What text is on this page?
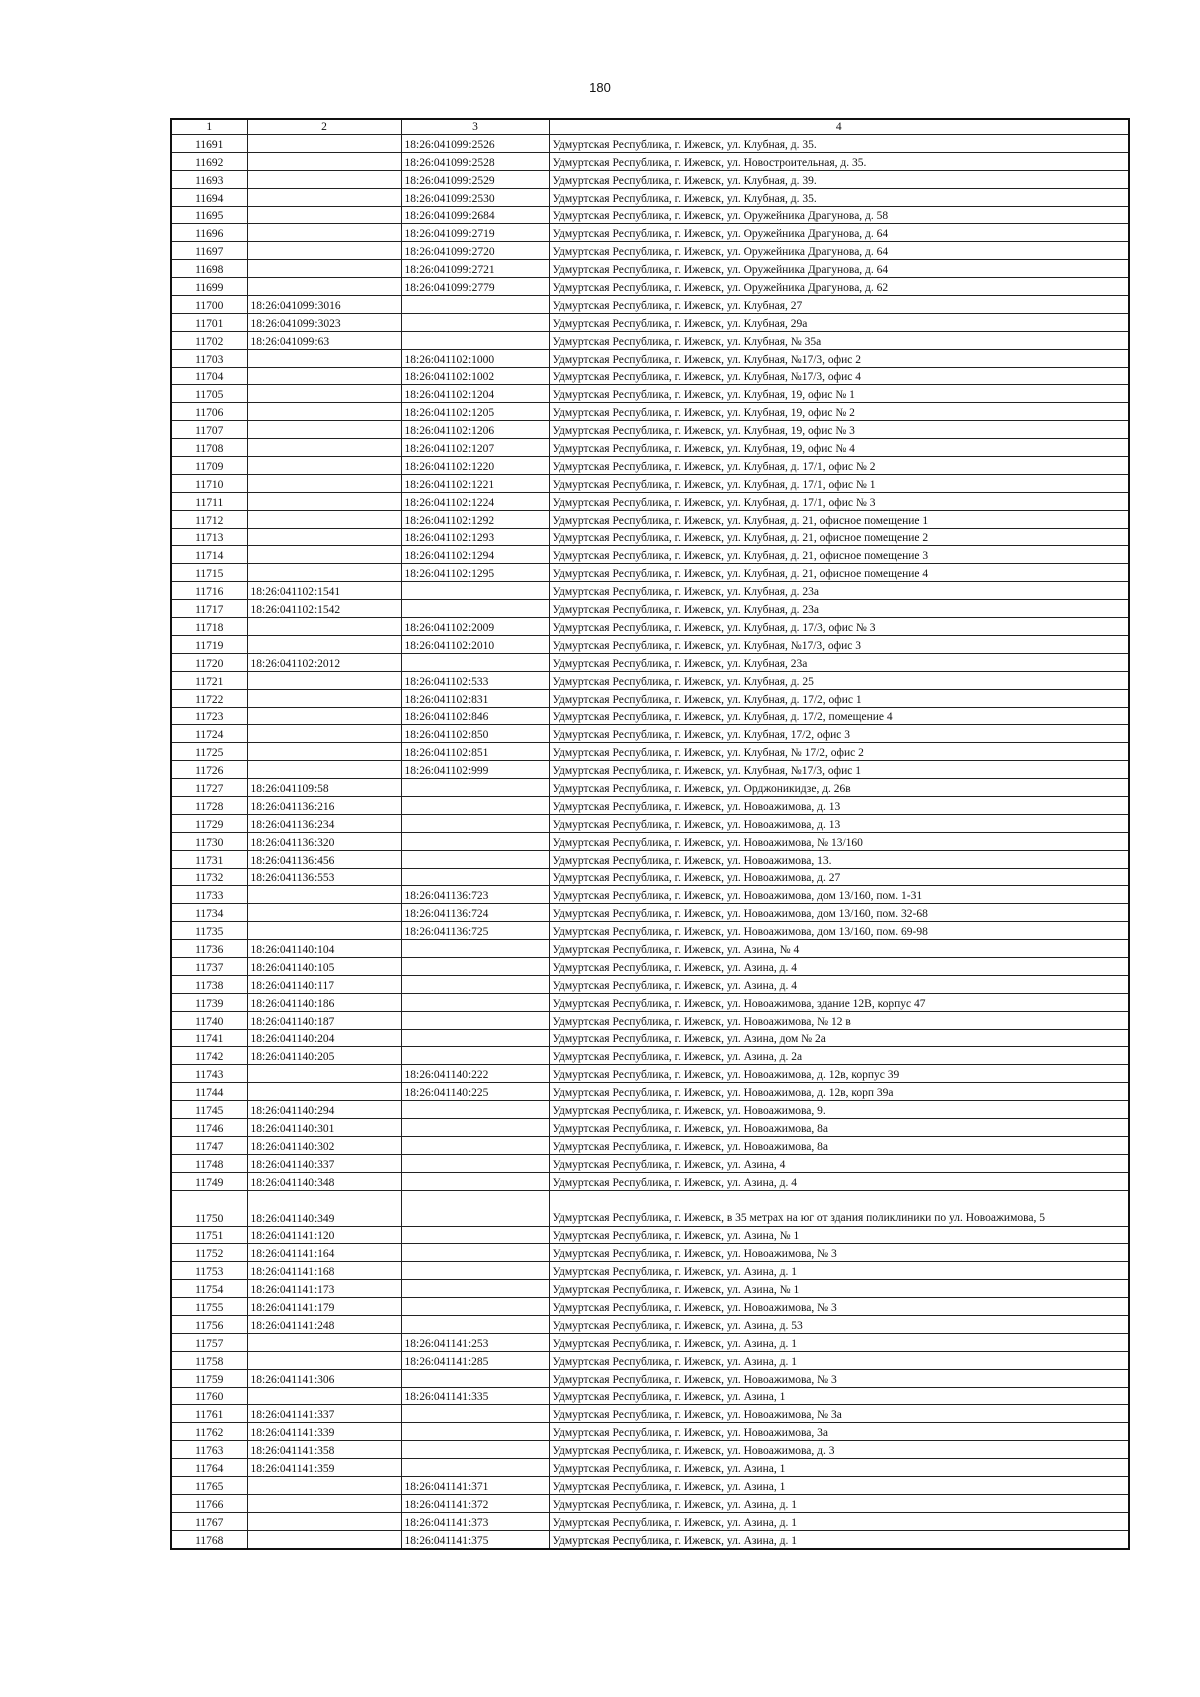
180
1	2	3	4
11691		18:26:041099:2526	Удмуртская Республика, г. Ижевск, ул. Клубная, д. 35.
11692		18:26:041099:2528	Удмуртская Республика, г. Ижевск, ул. Новостроительная, д. 35.
11693		18:26:041099:2529	Удмуртская Республика, г. Ижевск, ул. Клубная, д. 39.
11694		18:26:041099:2530	Удмуртская Республика, г. Ижевск, ул. Клубная, д. 35.
11695		18:26:041099:2684	Удмуртская Республика, г. Ижевск, ул. Оружейника Драгунова, д. 58
11696		18:26:041099:2719	Удмуртская Республика, г. Ижевск, ул. Оружейника Драгунова, д. 64
11697		18:26:041099:2720	Удмуртская Республика, г. Ижевск, ул. Оружейника Драгунова, д. 64
11698		18:26:041099:2721	Удмуртская Республика, г. Ижевск, ул. Оружейника Драгунова, д. 64
11699		18:26:041099:2779	Удмуртская Республика, г. Ижевск, ул. Оружейника Драгунова, д. 62
11700	18:26:041099:3016		Удмуртская Республика, г. Ижевск, ул. Клубная, 27
11701	18:26:041099:3023		Удмуртская Республика, г. Ижевск, ул. Клубная, 29а
11702	18:26:041099:63		Удмуртская Республика, г. Ижевск, ул. Клубная, № 35а
11703		18:26:041102:1000	Удмуртская Республика, г. Ижевск, ул. Клубная, №17/3, офис 2
11704		18:26:041102:1002	Удмуртская Республика, г. Ижевск, ул. Клубная, №17/3, офис 4
11705		18:26:041102:1204	Удмуртская Республика, г. Ижевск, ул. Клубная, 19, офис № 1
11706		18:26:041102:1205	Удмуртская Республика, г. Ижевск, ул. Клубная, 19, офис № 2
11707		18:26:041102:1206	Удмуртская Республика, г. Ижевск, ул. Клубная, 19, офис № 3
11708		18:26:041102:1207	Удмуртская Республика, г. Ижевск, ул. Клубная, 19, офис № 4
11709		18:26:041102:1220	Удмуртская Республика, г. Ижевск, ул. Клубная, д. 17/1, офис № 2
11710		18:26:041102:1221	Удмуртская Республика, г. Ижевск, ул. Клубная, д. 17/1, офис № 1
11711		18:26:041102:1224	Удмуртская Республика, г. Ижевск, ул. Клубная, д. 17/1, офис № 3
11712		18:26:041102:1292	Удмуртская Республика, г. Ижевск, ул. Клубная, д. 21, офисное помещение 1
11713		18:26:041102:1293	Удмуртская Республика, г. Ижевск, ул. Клубная, д. 21, офисное помещение 2
11714		18:26:041102:1294	Удмуртская Республика, г. Ижевск, ул. Клубная, д. 21, офисное помещение 3
11715		18:26:041102:1295	Удмуртская Республика, г. Ижевск, ул. Клубная, д. 21, офисное помещение 4
11716	18:26:041102:1541		Удмуртская Республика, г. Ижевск, ул. Клубная, д. 23а
11717	18:26:041102:1542		Удмуртская Республика, г. Ижевск, ул. Клубная, д. 23а
11718		18:26:041102:2009	Удмуртская Республика, г. Ижевск, ул. Клубная, д. 17/3, офис № 3
11719		18:26:041102:2010	Удмуртская Республика, г. Ижевск, ул. Клубная, №17/3, офис 3
11720	18:26:041102:2012		Удмуртская Республика, г. Ижевск, ул. Клубная, 23а
11721		18:26:041102:533	Удмуртская Республика, г. Ижевск, ул. Клубная, д. 25
11722		18:26:041102:831	Удмуртская Республика, г. Ижевск, ул. Клубная, д. 17/2, офис 1
11723		18:26:041102:846	Удмуртская Республика, г. Ижевск, ул. Клубная, д. 17/2, помещение 4
11724		18:26:041102:850	Удмуртская Республика, г. Ижевск, ул. Клубная, 17/2, офис 3
11725		18:26:041102:851	Удмуртская Республика, г. Ижевск, ул. Клубная, № 17/2, офис 2
11726		18:26:041102:999	Удмуртская Республика, г. Ижевск, ул. Клубная, №17/3, офис 1
11727	18:26:041109:58		Удмуртская Республика, г. Ижевск, ул. Орджоникидзе, д. 26в
11728	18:26:041136:216		Удмуртская Республика, г. Ижевск, ул. Новоажимова, д. 13
11729	18:26:041136:234		Удмуртская Республика, г. Ижевск, ул. Новоажимова, д. 13
11730	18:26:041136:320		Удмуртская Республика, г. Ижевск, ул. Новоажимова, № 13/160
11731	18:26:041136:456		Удмуртская Республика, г. Ижевск, ул. Новоажимова, 13.
11732	18:26:041136:553		Удмуртская Республика, г. Ижевск, ул. Новоажимова, д. 27
11733		18:26:041136:723	Удмуртская Республика, г. Ижевск, ул. Новоажимова, дом 13/160, пом. 1-31
11734		18:26:041136:724	Удмуртская Республика, г. Ижевск, ул. Новоажимова, дом 13/160, пом. 32-68
11735		18:26:041136:725	Удмуртская Республика, г. Ижевск, ул. Новоажимова, дом 13/160, пом. 69-98
11736	18:26:041140:104		Удмуртская Республика, г. Ижевск, ул. Азина, № 4
11737	18:26:041140:105		Удмуртская Республика, г. Ижевск, ул. Азина, д. 4
11738	18:26:041140:117		Удмуртская Республика, г. Ижевск, ул. Азина, д. 4
11739	18:26:041140:186		Удмуртская Республика, г. Ижевск, ул. Новоажимова, здание 12В, корпус 47
11740	18:26:041140:187		Удмуртская Республика, г. Ижевск, ул. Новоажимова, № 12 в
11741	18:26:041140:204		Удмуртская Республика, г. Ижевск, ул. Азина, дом № 2а
11742	18:26:041140:205		Удмуртская Республика, г. Ижевск, ул. Азина, д. 2а
11743		18:26:041140:222	Удмуртская Республика, г. Ижевск, ул. Новоажимова, д. 12в, корпус 39
11744		18:26:041140:225	Удмуртская Республика, г. Ижевск, ул. Новоажимова, д. 12в, корп 39а
11745	18:26:041140:294		Удмуртская Республика, г. Ижевск, ул. Новоажимова, 9.
11746	18:26:041140:301		Удмуртская Республика, г. Ижевск, ул. Новоажимова, 8а
11747	18:26:041140:302		Удмуртская Республика, г. Ижевск, ул. Новоажимова, 8а
11748	18:26:041140:337		Удмуртская Республика, г. Ижевск, ул. Азина, 4
11749	18:26:041140:348		Удмуртская Республика, г. Ижевск, ул. Азина, д. 4
11750	18:26:041140:349		Удмуртская Республика, г. Ижевск, в 35 метрах на юг от здания поликлиники по ул. Новоажимова, 5
11751	18:26:041141:120		Удмуртская Республика, г. Ижевск, ул. Азина, № 1
11752	18:26:041141:164		Удмуртская Республика, г. Ижевск, ул. Новоажимова, № 3
11753	18:26:041141:168		Удмуртская Республика, г. Ижевск, ул. Азина, д. 1
11754	18:26:041141:173		Удмуртская Республика, г. Ижевск, ул. Азина, № 1
11755	18:26:041141:179		Удмуртская Республика, г. Ижевск, ул. Новоажимова, № 3
11756	18:26:041141:248		Удмуртская Республика, г. Ижевск, ул. Азина, д. 53
11757		18:26:041141:253	Удмуртская Республика, г. Ижевск, ул. Азина, д. 1
11758		18:26:041141:285	Удмуртская Республика, г. Ижевск, ул. Азина, д. 1
11759	18:26:041141:306		Удмуртская Республика, г. Ижевск, ул. Новоажимова, № 3
11760		18:26:041141:335	Удмуртская Республика, г. Ижевск, ул. Азина, 1
11761	18:26:041141:337		Удмуртская Республика, г. Ижевск, ул. Новоажимова, № 3а
11762	18:26:041141:339		Удмуртская Республика, г. Ижевск, ул. Новоажимова, 3а
11763	18:26:041141:358		Удмуртская Республика, г. Ижевск, ул. Новоажимова, д. 3
11764	18:26:041141:359		Удмуртская Республика, г. Ижевск, ул. Азина, 1
11765		18:26:041141:371	Удмуртская Республика, г. Ижевск, ул. Азина, 1
11766		18:26:041141:372	Удмуртская Республика, г. Ижевск, ул. Азина, д. 1
11767		18:26:041141:373	Удмуртская Республика, г. Ижевск, ул. Азина, д. 1
11768		18:26:041141:375	Удмуртская Республика, г. Ижевск, ул. Азина, д. 1
